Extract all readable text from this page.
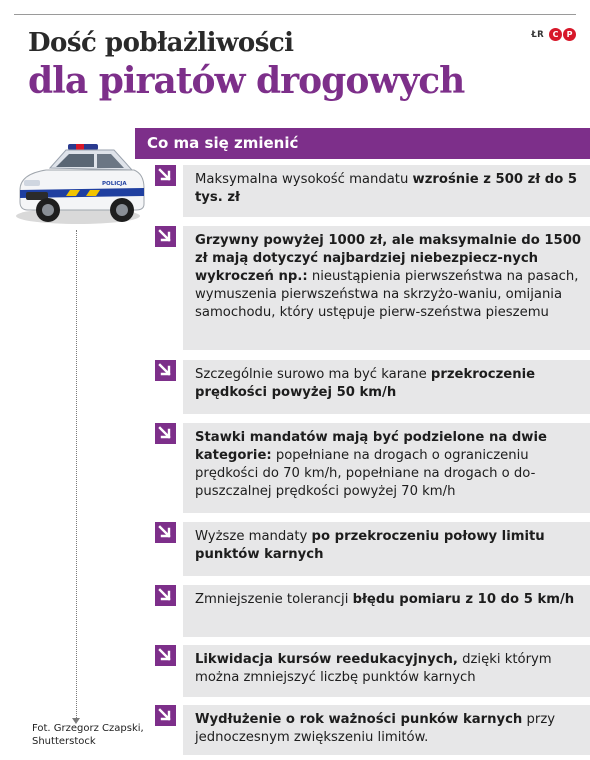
ŁR	C	P
Dość pobłażliwości
dla piratów drogowych
POLICJA

Fot. Grzegorz Czapski,
Shutterstock

Co ma się zmienić
Maksymalna wysokość mandatu wzrośnie z 500 zł do 5 tys. zł
Grzywny powyżej 1000 zł, ale maksymalnie do 1500 zł mają dotyczyć najbardziej niebezpiecz-nych wykroczeń np.: nieustąpienia pierwszeństwa na pasach, wymuszenia pierwszeństwa na skrzyżo-waniu, omijania samochodu, który ustępuje pierw-szeństwa pieszemu
Szczególnie surowo ma być karane przekroczenie prędkości powyżej 50 km/h
Stawki mandatów mają być podzielone na dwie kategorie: popełniane na drogach o ograniczeniu prędkości do 70 km/h, popełniane na drogach o do-puszczalnej prędkości powyżej 70 km/h
Wyższe mandaty po przekroczeniu połowy limitu punktów karnych
Zmniejszenie tolerancji błędu pomiaru z 10 do 5 km/h
Likwidacja kursów reedukacyjnych, dzięki którym można zmniejszyć liczbę punktów karnych
Wydłużenie o rok ważności punków karnych przy jednoczesnym zwiększeniu limitów.
